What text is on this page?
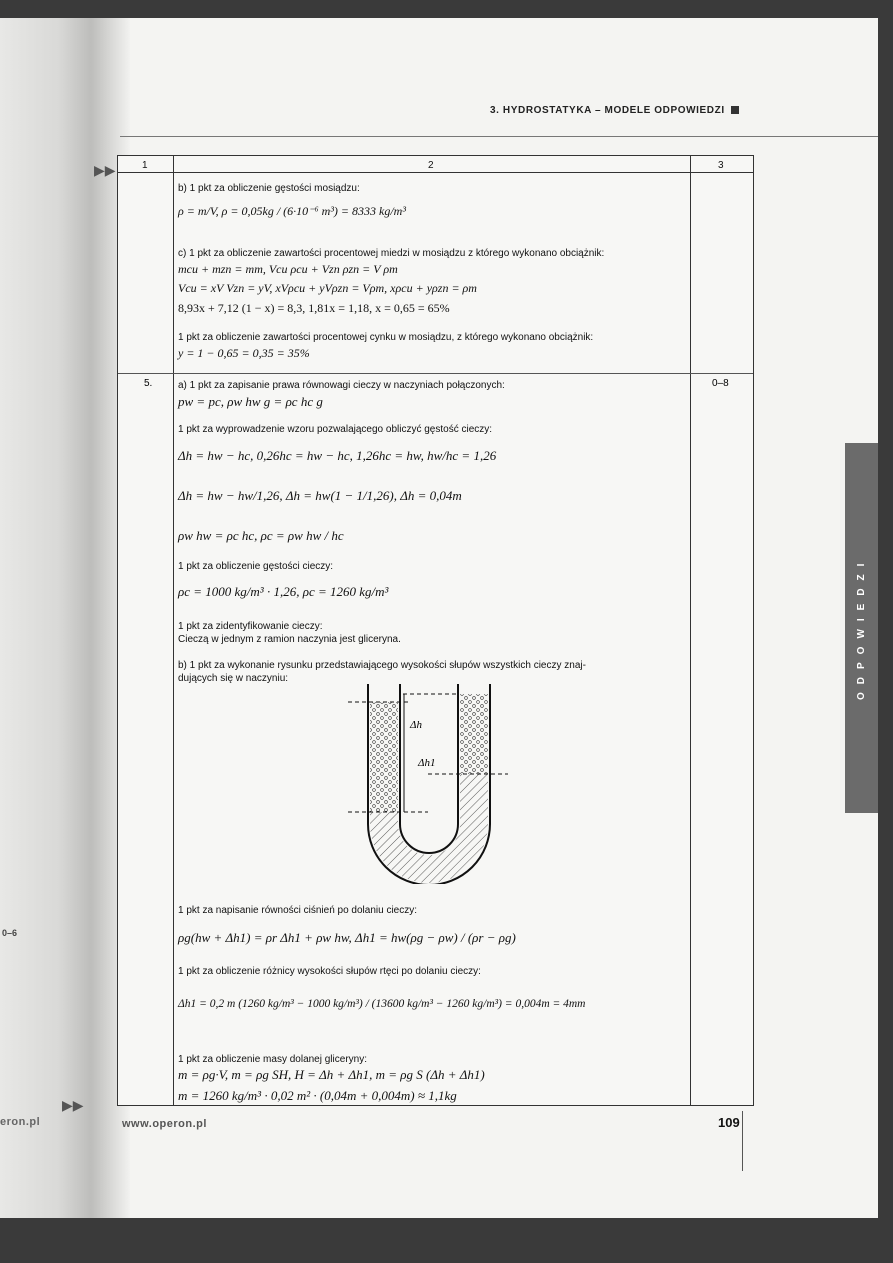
0–6
eron.pl
▶▶
▶▶
3. HYDROSTATYKA – MODELE ODPOWIEDZI
ODPOWIEDZI
1	2	3
b) 1 pkt za obliczenie gęstości mosiądzu:
ρ = m/V, ρ = 0,05kg / (6·10⁻⁶ m³) = 8333 kg/m³
c) 1 pkt za obliczenie zawartości procentowej miedzi w mosiądzu z którego wykonano obciążnik:
mcu + mzn = mm, Vcu ρcu + Vzn ρzn = V ρm
Vcu = xV Vzn = yV, xVρcu + yVρzn = Vρm, xρcu + yρzn = ρm
8,93x + 7,12 (1 − x) = 8,3, 1,81x = 1,18, x = 0,65 = 65%
1 pkt za obliczenie zawartości procentowej cynku w mosiądzu, z którego wykonano obciążnik:
y = 1 − 0,65 = 0,35 = 35%
5.	0–8
a) 1 pkt za zapisanie prawa równowagi cieczy w naczyniach połączonych:
pw = pc, ρw hw g = ρc hc g
1 pkt za wyprowadzenie wzoru pozwalającego obliczyć gęstość cieczy:
Δh = hw − hc, 0,26hc = hw − hc, 1,26hc = hw, hw/hc = 1,26
Δh = hw − hw/1,26, Δh = hw(1 − 1/1,26), Δh = 0,04m
ρw hw = ρc hc, ρc = ρw hw / hc
1 pkt za obliczenie gęstości cieczy:
ρc = 1000 kg/m³ · 1,26, ρc = 1260 kg/m³
1 pkt za zidentyfikowanie cieczy:
Cieczą w jednym z ramion naczynia jest gliceryna.
b) 1 pkt za wykonanie rysunku przedstawiającego wysokości słupów wszystkich cieczy znaj-
dujących się w naczyniu:
Δh
Δh1
1 pkt za napisanie równości ciśnień po dolaniu cieczy:
ρg(hw + Δh1) = ρr Δh1 + ρw hw, Δh1 = hw(ρg − ρw) / (ρr − ρg)
1 pkt za obliczenie różnicy wysokości słupów rtęci po dolaniu cieczy:
Δh1 = 0,2 m (1260 kg/m³ − 1000 kg/m³) / (13600 kg/m³ − 1260 kg/m³) = 0,004m = 4mm
1 pkt za obliczenie masy dolanej gliceryny:
m = ρg·V, m = ρg SH, H = Δh + Δh1, m = ρg S (Δh + Δh1)
m = 1260 kg/m³ · 0,02 m² · (0,04m + 0,004m) ≈ 1,1kg
www.operon.pl	109
